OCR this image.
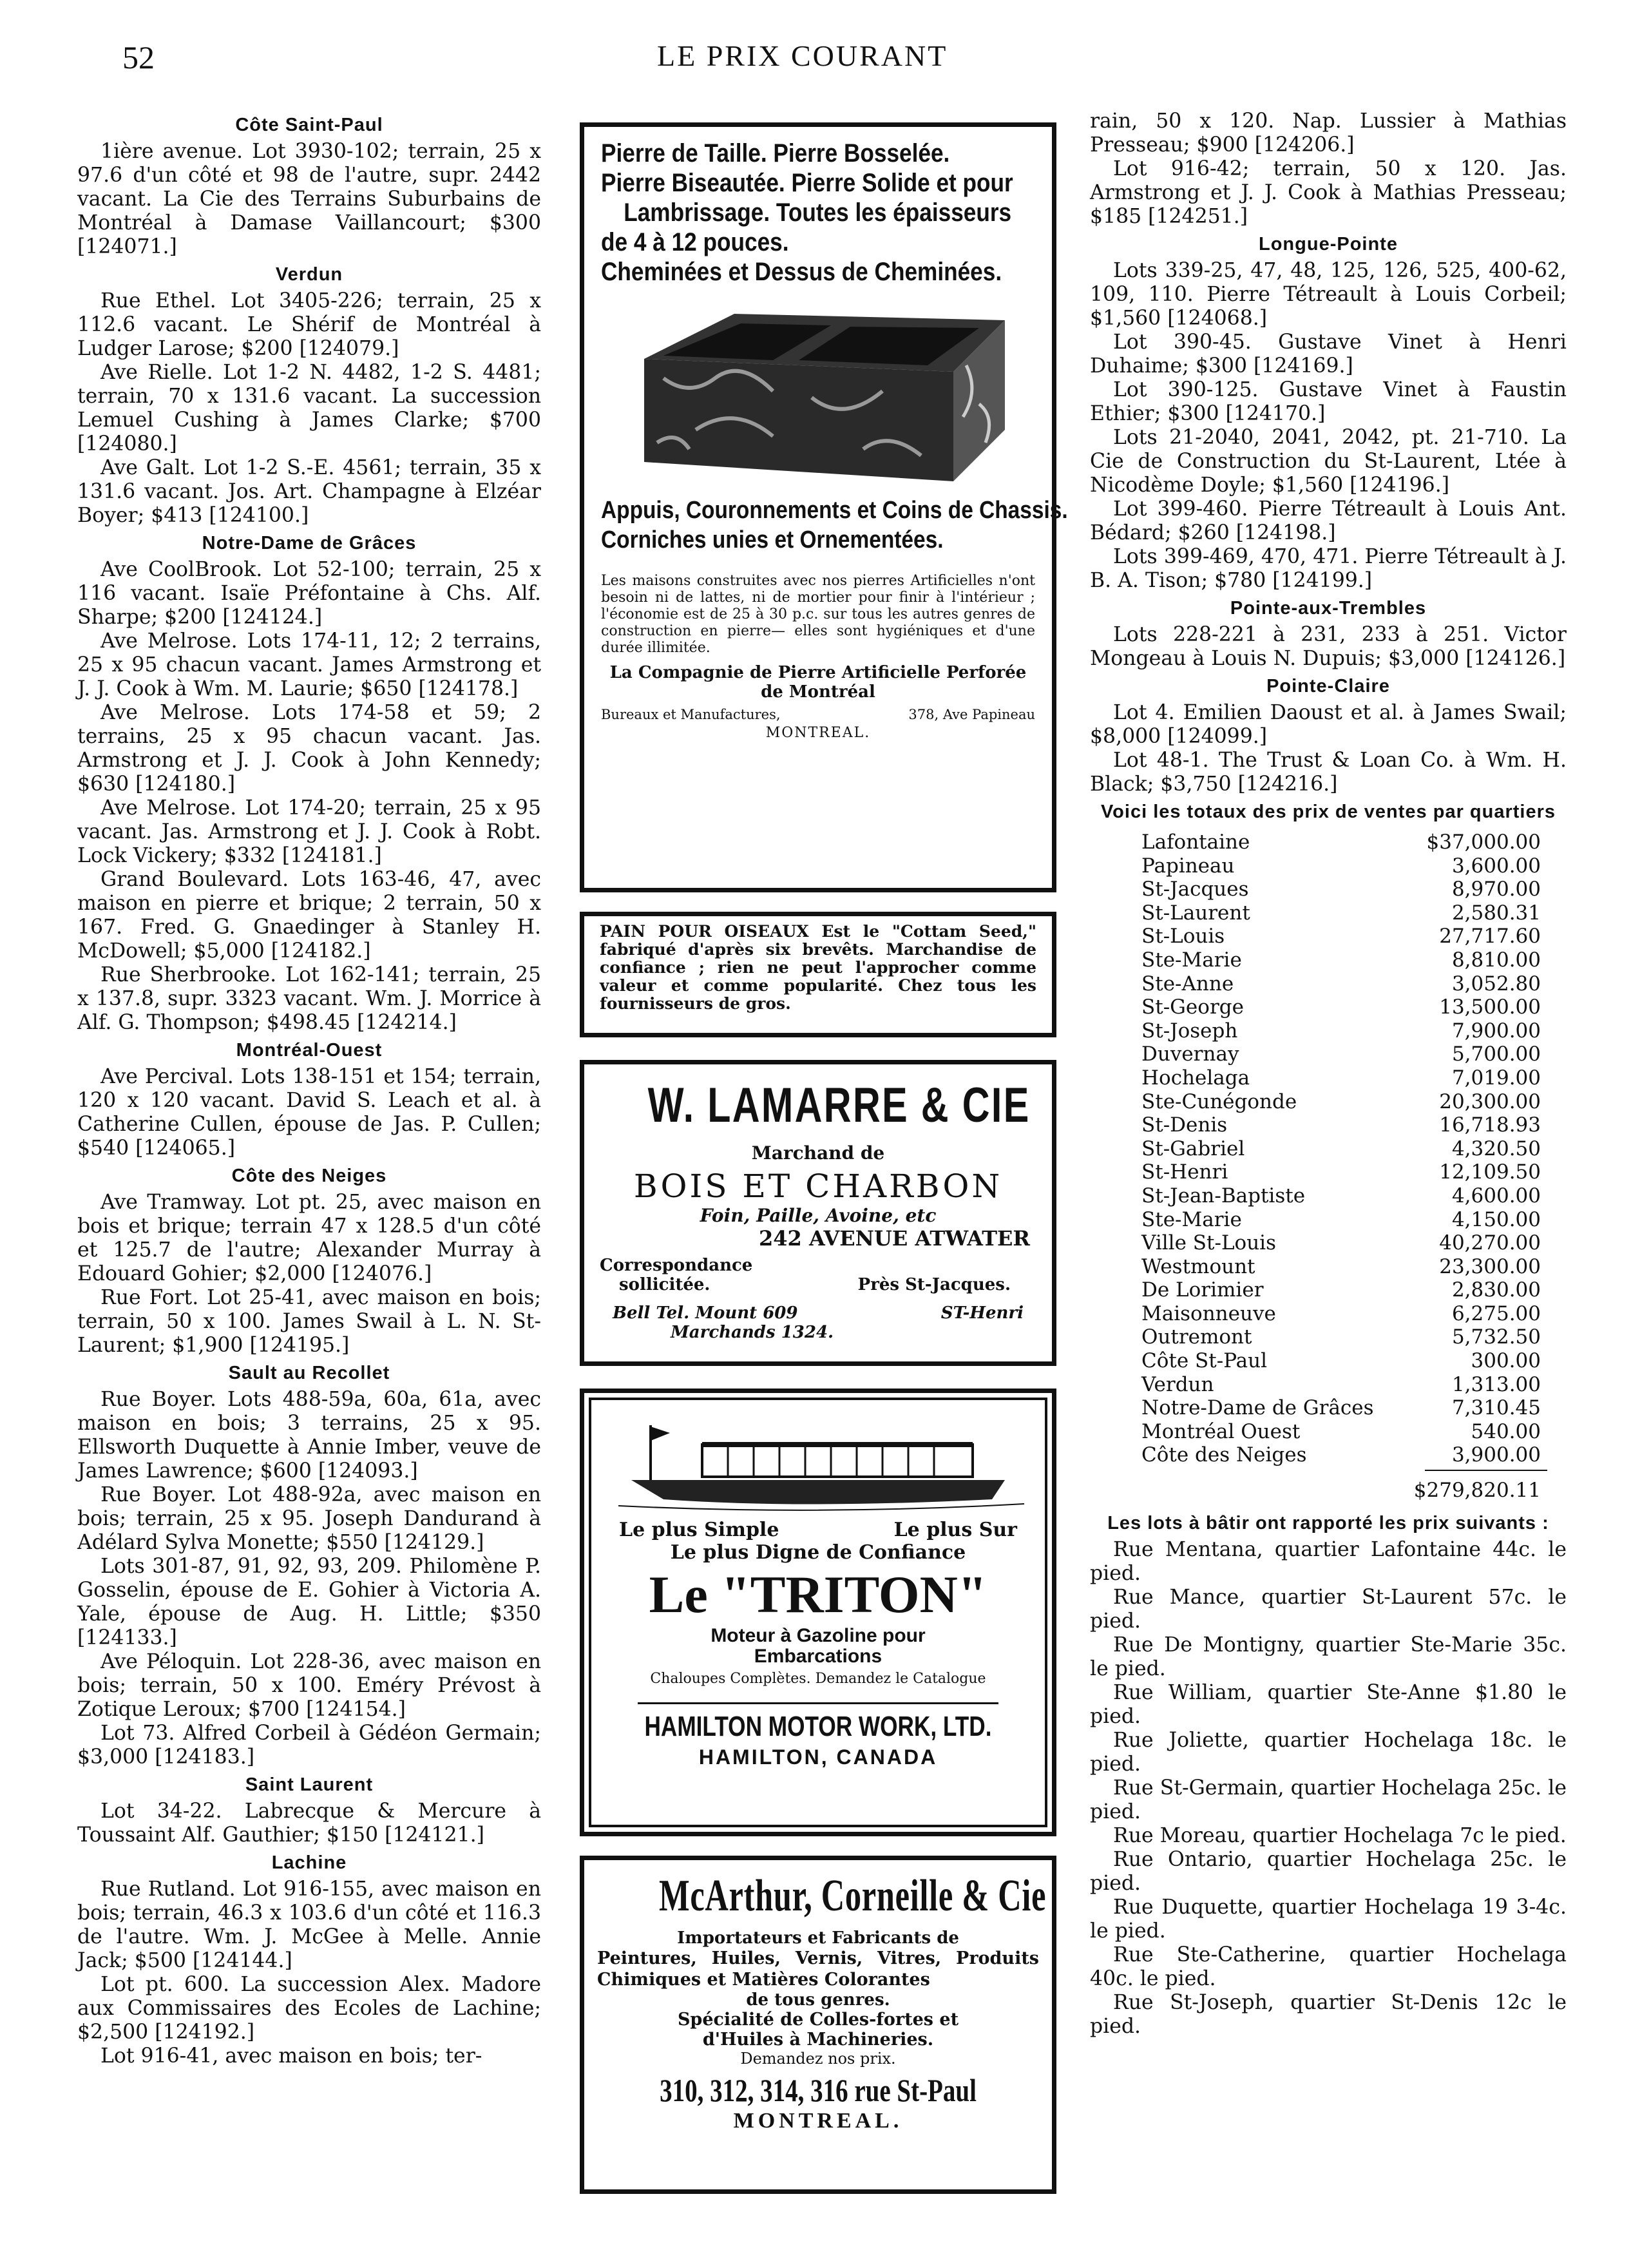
52	LE PRIX COURANT
Côte Saint-Paul
1ière avenue. Lot 3930-102; terrain, 25 x 97.6 d'un côté et 98 de l'autre, supr. 2442 vacant. La Cie des Terrains Suburbains de Montréal à Damase Vaillancourt; $300 [124071.]
Verdun
Rue Ethel. Lot 3405-226; terrain, 25 x 112.6 vacant. Le Shérif de Montréal à Ludger Larose; $200 [124079.]
Ave Rielle. Lot 1-2 N. 4482, 1-2 S. 4481; terrain, 70 x 131.6 vacant. La succession Lemuel Cushing à James Clarke; $700 [124080.]
Ave Galt. Lot 1-2 S.-E. 4561; terrain, 35 x 131.6 vacant. Jos. Art. Champagne à Elzéar Boyer; $413 [124100.]
Notre-Dame de Grâces
Ave CoolBrook. Lot 52-100; terrain, 25 x 116 vacant. Isaïe Préfontaine à Chs. Alf. Sharpe; $200 [124124.]
Ave Melrose. Lots 174-11, 12; 2 terrains, 25 x 95 chacun vacant. James Armstrong et J. J. Cook à Wm. M. Laurie; $650 [124178.]
Ave Melrose. Lots 174-58 et 59; 2 terrains, 25 x 95 chacun vacant. Jas. Armstrong et J. J. Cook à John Kennedy; $630 [124180.]
Ave Melrose. Lot 174-20; terrain, 25 x 95 vacant. Jas. Armstrong et J. J. Cook à Robt. Lock Vickery; $332 [124181.]
Grand Boulevard. Lots 163-46, 47, avec maison en pierre et brique; 2 terrain, 50 x 167. Fred. G. Gnaedinger à Stanley H. McDowell; $5,000 [124182.]
Rue Sherbrooke. Lot 162-141; terrain, 25 x 137.8, supr. 3323 vacant. Wm. J. Morrice à Alf. G. Thompson; $498.45 [124214.]
Montréal-Ouest
Ave Percival. Lots 138-151 et 154; terrain, 120 x 120 vacant. David S. Leach et al. à Catherine Cullen, épouse de Jas. P. Cullen; $540 [124065.]
Côte des Neiges
Ave Tramway. Lot pt. 25, avec maison en bois et brique; terrain 47 x 128.5 d'un côté et 125.7 de l'autre; Alexander Murray à Edouard Gohier; $2,000 [124076.]
Rue Fort. Lot 25-41, avec maison en bois; terrain, 50 x 100. James Swail à L. N. St-Laurent; $1,900 [124195.]
Sault au Recollet
Rue Boyer. Lots 488-59a, 60a, 61a, avec maison en bois; 3 terrains, 25 x 95. Ellsworth Duquette à Annie Imber, veuve de James Lawrence; $600 [124093.]
Rue Boyer. Lot 488-92a, avec maison en bois; terrain, 25 x 95. Joseph Dandurand à Adélard Sylva Monette; $550 [124129.]
Lots 301-87, 91, 92, 93, 209. Philomène P. Gosselin, épouse de E. Gohier à Victoria A. Yale, épouse de Aug. H. Little; $350 [124133.]
Ave Péloquin. Lot 228-36, avec maison en bois; terrain, 50 x 100. Eméry Prévost à Zotique Leroux; $700 [124154.]
Lot 73. Alfred Corbeil à Gédéon Germain; $3,000 [124183.]
Saint Laurent
Lot 34-22. Labrecque & Mercure à Toussaint Alf. Gauthier; $150 [124121.]
Lachine
Rue Rutland. Lot 916-155, avec maison en bois; terrain, 46.3 x 103.6 d'un côté et 116.3 de l'autre. Wm. J. McGee à Melle. Annie Jack; $500 [124144.]
Lot pt. 600. La succession Alex. Madore aux Commissaires des Ecoles de Lachine; $2,500 [124192.]
Lot 916-41, avec maison en bois; ter-
Pierre de Taille. Pierre Bosselée.
Pierre Biseautée. Pierre Solide et pour
Lambrissage. Toutes les épaisseurs
de 4 à 12 pouces.
Cheminées et Dessus de Cheminées.
Appuis, Couronnements et Coins de Chassis.
Corniches unies et Ornementées.
Les maisons construites avec nos pierres Artificielles n'ont besoin ni de lattes, ni de mortier pour finir à l'intérieur ; l'économie est de 25 à 30 p.c. sur tous les autres genres de construction en pierre— elles sont hygiéniques et d'une durée illimitée.
La Compagnie de Pierre Artificielle Perforée de Montréal
Bureaux et Manufactures,	378, Ave Papineau
MONTREAL.
PAIN POUR OISEAUX Est le "Cottam Seed," fabriqué d'après six brevêts. Marchandise de confiance ; rien ne peut l'approcher comme valeur et comme popularité. Chez tous les fournisseurs de gros.
W. LAMARRE & CIE
Marchand de
BOIS ET CHARBON
Foin, Paille, Avoine, etc
242 AVENUE ATWATER
Correspondance
sollicitée.	Près St-Jacques.
Bell Tel. Mount 609	ST-Henri
Marchands 1324.
Le plus Simple	Le plus Sur
Le plus Digne de Confiance
Le "TRITON"
Moteur à Gazoline pour Embarcations
Chaloupes Complètes. Demandez le Catalogue
HAMILTON MOTOR WORK, LTD.
HAMILTON, CANADA
McArthur, Corneille & Cie
Importateurs et Fabricants de
Peintures, Huiles, Vernis, Vitres, Produits Chimiques et Matières Colorantes
de tous genres.
Spécialité de Colles-fortes et
d'Huiles à Machineries.
Demandez nos prix.
310, 312, 314, 316 rue St-Paul
MONTREAL.
rain, 50 x 120. Nap. Lussier à Mathias Presseau; $900 [124206.]
Lot 916-42; terrain, 50 x 120. Jas. Armstrong et J. J. Cook à Mathias Presseau; $185 [124251.]
Longue-Pointe
Lots 339-25, 47, 48, 125, 126, 525, 400-62, 109, 110. Pierre Tétreault à Louis Corbeil; $1,560 [124068.]
Lot 390-45. Gustave Vinet à Henri Duhaime; $300 [124169.]
Lot 390-125. Gustave Vinet à Faustin Ethier; $300 [124170.]
Lots 21-2040, 2041, 2042, pt. 21-710. La Cie de Construction du St-Laurent, Ltée à Nicodème Doyle; $1,560 [124196.]
Lot 399-460. Pierre Tétreault à Louis Ant. Bédard; $260 [124198.]
Lots 399-469, 470, 471. Pierre Tétreault à J. B. A. Tison; $780 [124199.]
Pointe-aux-Trembles
Lots 228-221 à 231, 233 à 251. Victor Mongeau à Louis N. Dupuis; $3,000 [124126.]
Pointe-Claire
Lot 4. Emilien Daoust et al. à James Swail; $8,000 [124099.]
Lot 48-1. The Trust & Loan Co. à Wm. H. Black; $3,750 [124216.]
Voici les totaux des prix de ventes par quartiers
Lafontaine	$37,000.00
Papineau	3,600.00
St-Jacques	8,970.00
St-Laurent	2,580.31
St-Louis	27,717.60
Ste-Marie	8,810.00
Ste-Anne	3,052.80
St-George	13,500.00
St-Joseph	7,900.00
Duvernay	5,700.00
Hochelaga	7,019.00
Ste-Cunégonde	20,300.00
St-Denis	16,718.93
St-Gabriel	4,320.50
St-Henri	12,109.50
St-Jean-Baptiste	4,600.00
Ste-Marie	4,150.00
Ville St-Louis	40,270.00
Westmount	23,300.00
De Lorimier	2,830.00
Maisonneuve	6,275.00
Outremont	5,732.50
Côte St-Paul	300.00
Verdun	1,313.00
Notre-Dame de Grâces	7,310.45
Montréal Ouest	540.00
Côte des Neiges	3,900.00
$279,820.11
Les lots à bâtir ont rapporté les prix suivants :
Rue Mentana, quartier Lafontaine 44c. le pied.
Rue Mance, quartier St-Laurent 57c. le pied.
Rue De Montigny, quartier Ste-Marie 35c. le pied.
Rue William, quartier Ste-Anne $1.80 le pied.
Rue Joliette, quartier Hochelaga 18c. le pied.
Rue St-Germain, quartier Hochelaga 25c. le pied.
Rue Moreau, quartier Hochelaga 7c le pied.
Rue Ontario, quartier Hochelaga 25c. le pied.
Rue Duquette, quartier Hochelaga 19 3-4c. le pied.
Rue Ste-Catherine, quartier Hochelaga 40c. le pied.
Rue St-Joseph, quartier St-Denis 12c le pied.
